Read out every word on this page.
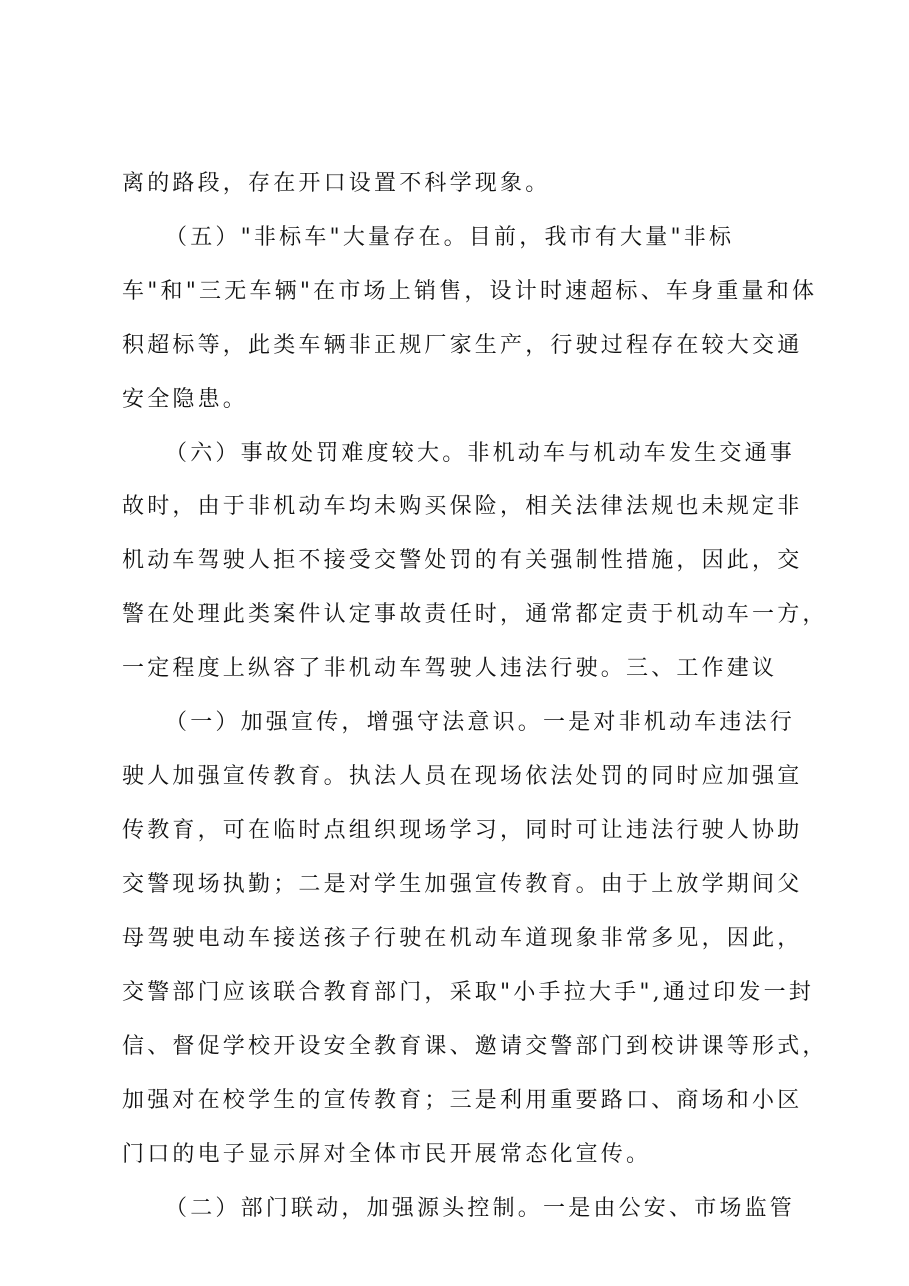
离的路段，存在开口设置不科学现象。
（五）"非标车"大量存在。目前，我市有大量"非标
车"和"三无车辆"在市场上销售，设计时速超标、车身重量和体
积超标等，此类车辆非正规厂家生产，行驶过程存在较大交通
安全隐患。
（六）事故处罚难度较大。非机动车与机动车发生交通事
故时，由于非机动车均未购买保险，相关法律法规也未规定非
机动车驾驶人拒不接受交警处罚的有关强制性措施，因此，交
警在处理此类案件认定事故责任时，通常都定责于机动车一方，
一定程度上纵容了非机动车驾驶人违法行驶。三、工作建议
（一）加强宣传，增强守法意识。一是对非机动车违法行
驶人加强宣传教育。执法人员在现场依法处罚的同时应加强宣
传教育，可在临时点组织现场学习，同时可让违法行驶人协助
交警现场执勤；二是对学生加强宣传教育。由于上放学期间父
母驾驶电动车接送孩子行驶在机动车道现象非常多见，因此，
交警部门应该联合教育部门，采取"小手拉大手",通过印发一封
信、督促学校开设安全教育课、邀请交警部门到校讲课等形式，
加强对在校学生的宣传教育；三是利用重要路口、商场和小区
门口的电子显示屏对全体市民开展常态化宣传。
（二）部门联动，加强源头控制。一是由公安、市场监管
